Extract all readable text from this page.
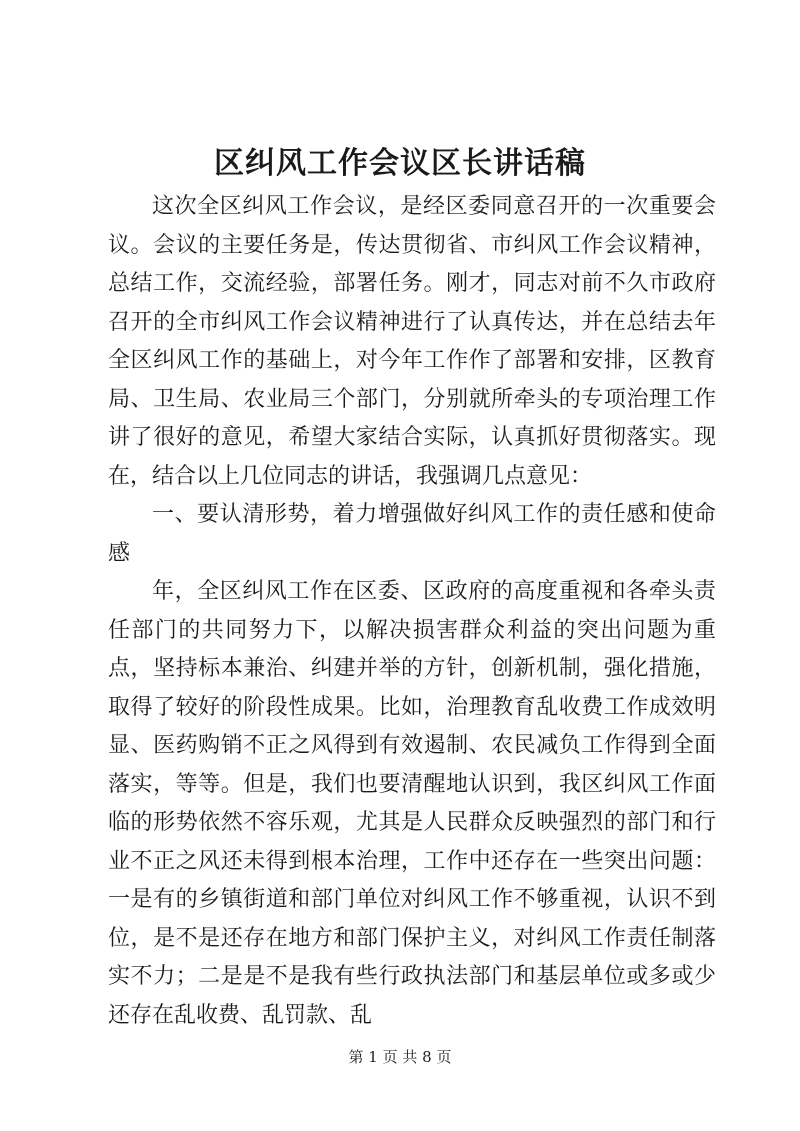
区纠风工作会议区长讲话稿

这次全区纠风工作会议，是经区委同意召开的一次重要会议。会议的主要任务是，传达贯彻省、市纠风工作会议精神，总结工作，交流经验，部署任务。刚才，同志对前不久市政府召开的全市纠风工作会议精神进行了认真传达，并在总结去年全区纠风工作的基础上，对今年工作作了部署和安排，区教育局、卫生局、农业局三个部门，分别就所牵头的专项治理工作讲了很好的意见，希望大家结合实际，认真抓好贯彻落实。现在，结合以上几位同志的讲话，我强调几点意见：

一、要认清形势，着力增强做好纠风工作的责任感和使命感

年，全区纠风工作在区委、区政府的高度重视和各牵头责任部门的共同努力下，以解决损害群众利益的突出问题为重点，坚持标本兼治、纠建并举的方针，创新机制，强化措施，取得了较好的阶段性成果。比如，治理教育乱收费工作成效明显、医药购销不正之风得到有效遏制、农民减负工作得到全面落实，等等。但是，我们也要清醒地认识到，我区纠风工作面临的形势依然不容乐观，尤其是人民群众反映强烈的部门和行业不正之风还未得到根本治理，工作中还存在一些突出问题：一是有的乡镇街道和部门单位对纠风工作不够重视，认识不到位，是不是还存在地方和部门保护主义，对纠风工作责任制落实不力；二是是不是我有些行政执法部门和基层单位或多或少还存在乱收费、乱罚款、乱

第 1 页 共 8 页
